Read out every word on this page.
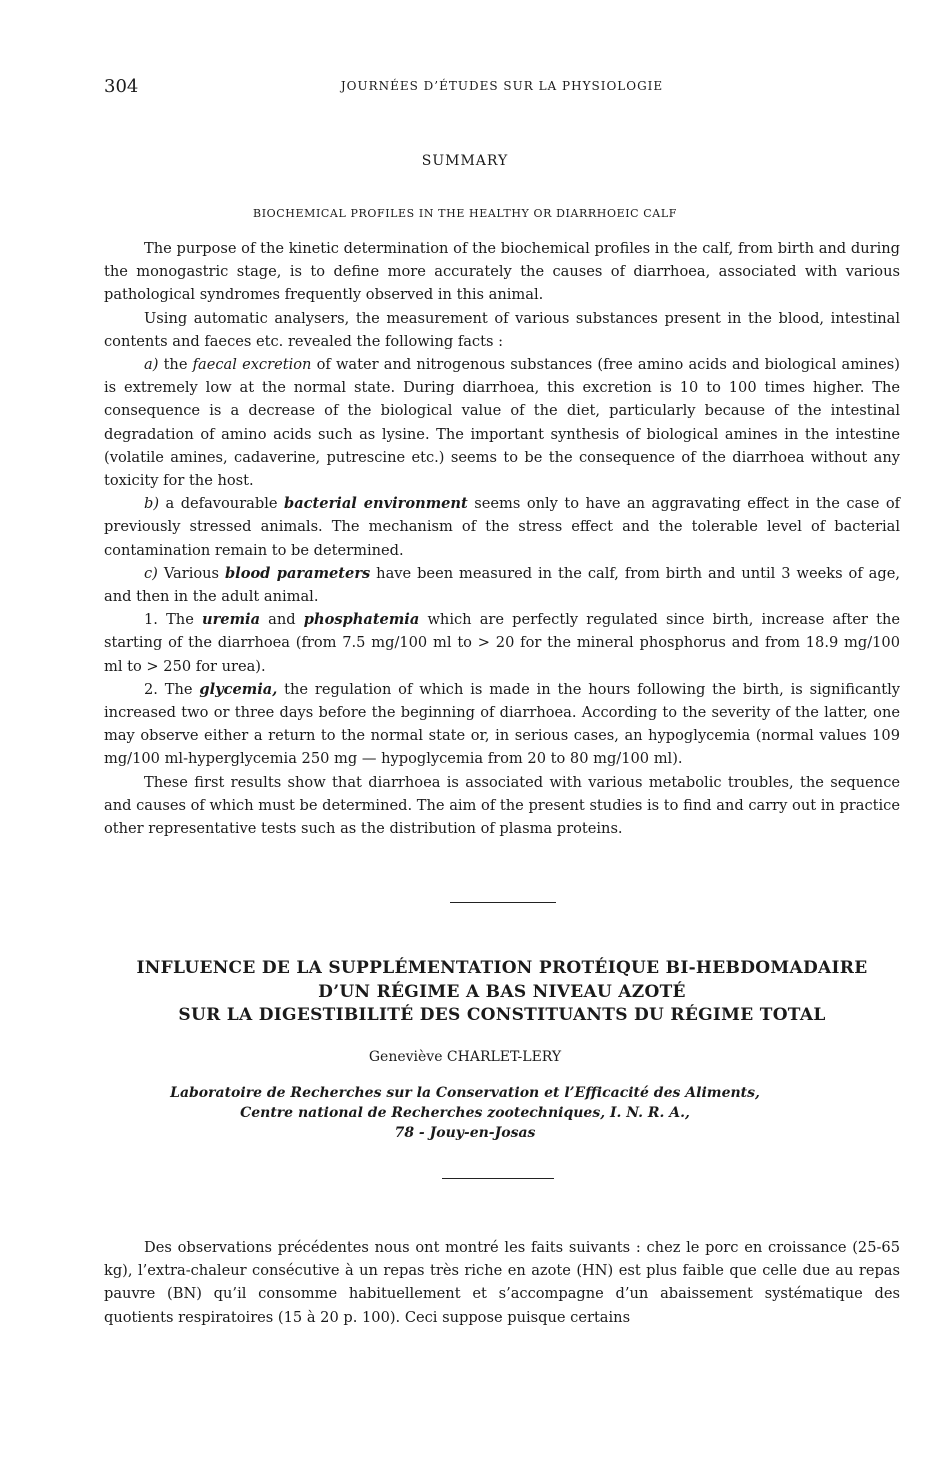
304	JOURNÉES D’ÉTUDES SUR LA PHYSIOLOGIE
SUMMARY
BIOCHEMICAL PROFILES IN THE HEALTHY OR DIARRHOEIC CALF

The purpose of the kinetic determination of the biochemical profiles in the calf, from birth and during the monogastric stage, is to define more accurately the causes of diarrhoea, associated with various pathological syndromes frequently observed in this animal.

Using automatic analysers, the measurement of various substances present in the blood, intestinal contents and faeces etc. revealed the following facts :

a) the faecal excretion of water and nitrogenous substances (free amino acids and biological amines) is extremely low at the normal state. During diarrhoea, this excretion is 10 to 100 times higher. The consequence is a decrease of the biological value of the diet, particularly because of the intestinal degradation of amino acids such as lysine. The important synthesis of biological amines in the intestine (volatile amines, cadaverine, putrescine etc.) seems to be the consequence of the diarrhoea without any toxicity for the host.

b) a defavourable bacterial environment seems only to have an aggravating effect in the case of previously stressed animals. The mechanism of the stress effect and the tolerable level of bacterial contamination remain to be determined.

c) Various blood parameters have been measured in the calf, from birth and until 3 weeks of age, and then in the adult animal.

1. The uremia and phosphatemia which are perfectly regulated since birth, increase after the starting of the diarrhoea (from 7.5 mg/100 ml to > 20 for the mineral phosphorus and from 18.9 mg/100 ml to > 250 for urea).

2. The glycemia, the regulation of which is made in the hours following the birth, is significantly increased two or three days before the beginning of diarrhoea. According to the severity of the latter, one may observe either a return to the normal state or, in serious cases, an hypoglycemia (normal values 109 mg/100 ml-hyperglycemia 250 mg — hypoglycemia from 20 to 80 mg/100 ml).

These first results show that diarrhoea is associated with various metabolic troubles, the sequence and causes of which must be determined. The aim of the present studies is to find and carry out in practice other representative tests such as the distribution of plasma proteins.

INFLUENCE DE LA SUPPLÉMENTATION PROTÉIQUE BI-HEBDOMADAIRE
D’UN RÉGIME A BAS NIVEAU AZOTÉ
SUR LA DIGESTIBILITÉ DES CONSTITUANTS DU RÉGIME TOTAL
Geneviève CHARLET-LERY
Laboratoire de Recherches sur la Conservation et l’Efficacité des Aliments,
Centre national de Recherches zootechniques, I. N. R. A.,
78 - Jouy-en-Josas

Des observations précédentes nous ont montré les faits suivants : chez le porc en croissance (25-65 kg), l’extra-chaleur consécutive à un repas très riche en azote (HN) est plus faible que celle due au repas pauvre (BN) qu’il consomme habituellement et s’accompagne d’un abaissement systématique des quotients respiratoires (15 à 20 p. 100). Ceci suppose puisque certains
